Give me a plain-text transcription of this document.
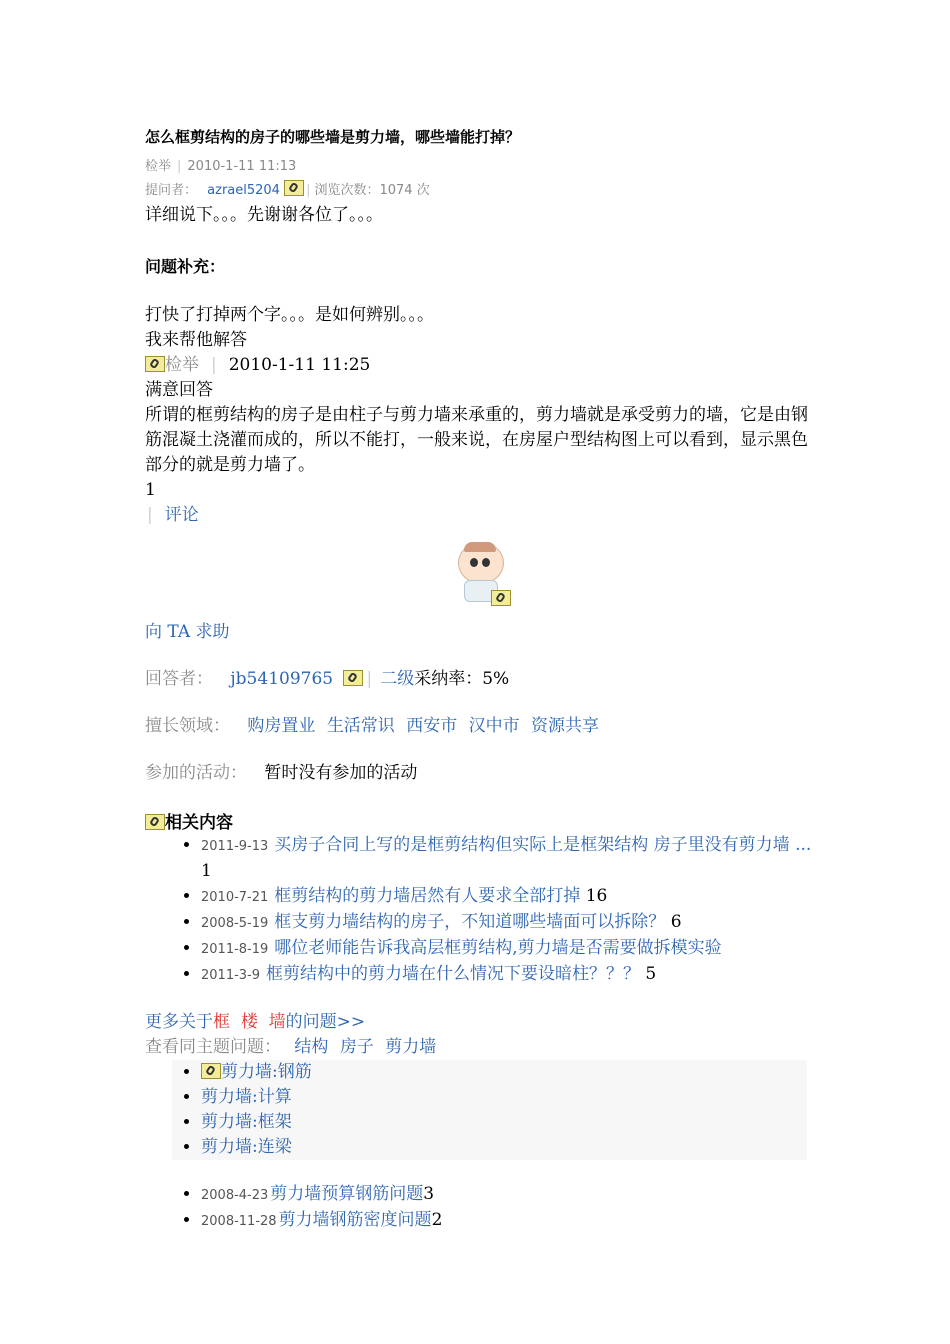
怎么框剪结构的房子的哪些墙是剪力墙，哪些墙能打掉？
检举 | 2010-1-11 11:13
提问者： azrael5204 | 浏览次数：1074 次
详细说下。。。先谢谢各位了。。。
问题补充：
打快了打掉两个字。。。是如何辨别。。。
我来帮他解答
检举 | 2010-1-11 11:25
满意回答
所谓的框剪结构的房子是由柱子与剪力墙来承重的，剪力墙就是承受剪力的墙，它是由钢筋混凝土浇灌而成的，所以不能打，一般来说，在房屋户型结构图上可以看到，显示黑色部分的就是剪力墙了。
1
| 评论
向 TA 求助
回答者： jb54109765 | 二级采纳率：5%
擅长领域： 购房置业 生活常识 西安市 汉中市 资源共享
参加的活动： 暂时没有参加的活动
相关内容
• 2011-9-13 买房子合同上写的是框剪结构但实际上是框架结构 房子里没有剪力墙 ... 1
• 2010-7-21 框剪结构的剪力墙居然有人要求全部打掉 16
• 2008-5-19 框支剪力墙结构的房子，不知道哪些墙面可以拆除？ 6
• 2011-8-19 哪位老师能告诉我高层框剪结构,剪力墙是否需要做拆模实验
• 2011-3-9 框剪结构中的剪力墙在什么情况下要设暗柱？？？ 5
更多关于框 楼 墙的问题>>
查看同主题问题： 结构 房子 剪力墙
• 剪力墙:钢筋
• 剪力墙:计算
• 剪力墙:框架
• 剪力墙:连梁
• 2008-4-23 剪力墙预算钢筋问题3
• 2008-11-28 剪力墙钢筋密度问题2
